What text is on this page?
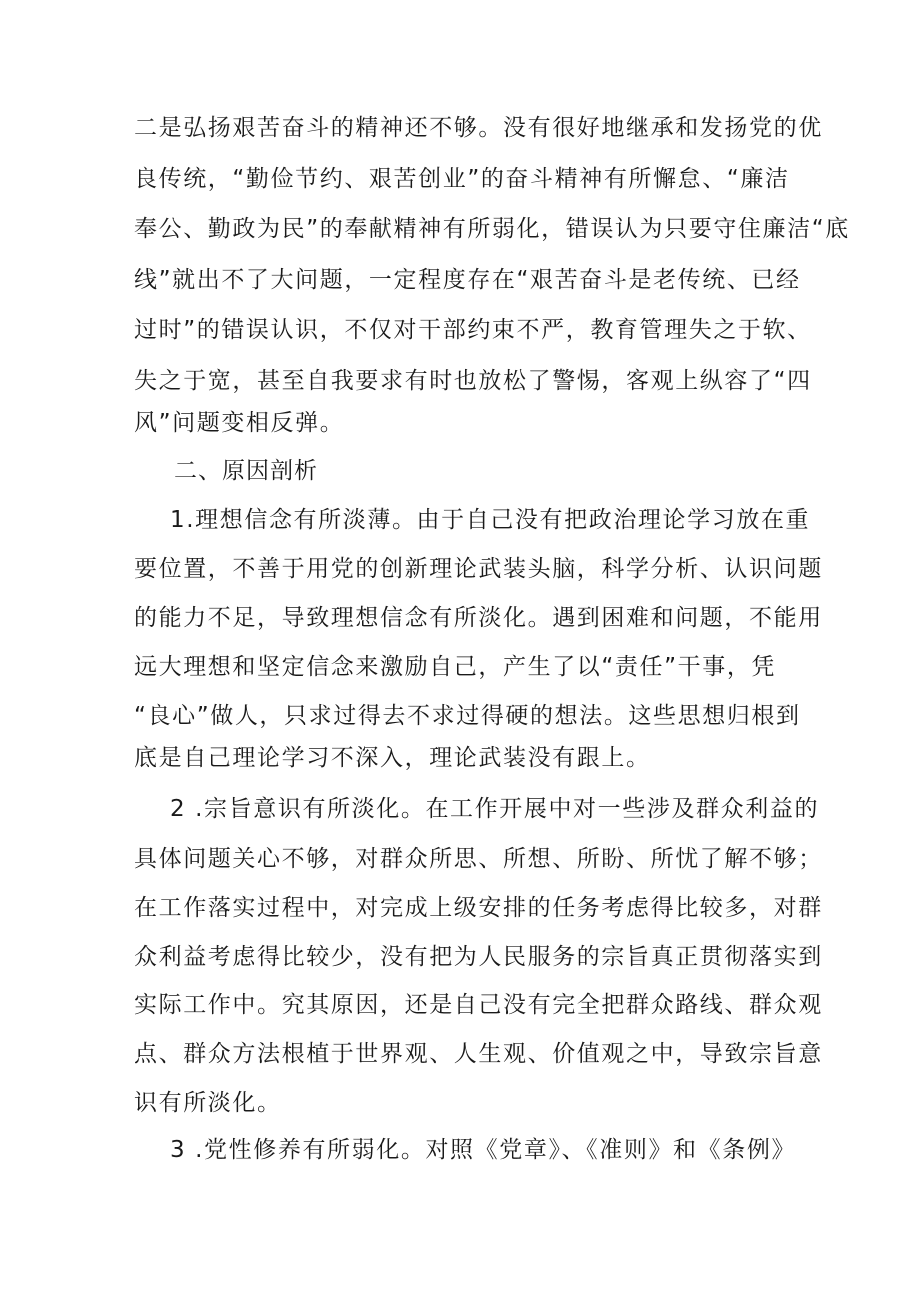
二是弘扬艰苦奋斗的精神还不够。没有很好地继承和发扬党的优

良传统，“勤俭节约、艰苦创业”的奋斗精神有所懈怠、“廉洁

奉公、勤政为民”的奉献精神有所弱化，错误认为只要守住廉洁“底

线”就出不了大问题，一定程度存在“艰苦奋斗是老传统、已经

过时”的错误认识，不仅对干部约束不严，教育管理失之于软、

失之于宽，甚至自我要求有时也放松了警惕，客观上纵容了“四

风”问题变相反弹。

二、原因剖析

1.理想信念有所淡薄。由于自己没有把政治理论学习放在重

要位置，不善于用党的创新理论武装头脑，科学分析、认识问题

的能力不足，导致理想信念有所淡化。遇到困难和问题，不能用

远大理想和坚定信念来激励自己，产生了以“责任”干事，凭

“良心”做人，只求过得去不求过得硬的想法。这些思想归根到

底是自己理论学习不深入，理论武装没有跟上。

2 .宗旨意识有所淡化。在工作开展中对一些涉及群众利益的

具体问题关心不够，对群众所思、所想、所盼、所忧了解不够；

在工作落实过程中，对完成上级安排的任务考虑得比较多，对群

众利益考虑得比较少，没有把为人民服务的宗旨真正贯彻落实到

实际工作中。究其原因，还是自己没有完全把群众路线、群众观

点、群众方法根植于世界观、人生观、价值观之中，导致宗旨意

识有所淡化。

3 .党性修养有所弱化。对照《党章》、《准则》和《条例》
